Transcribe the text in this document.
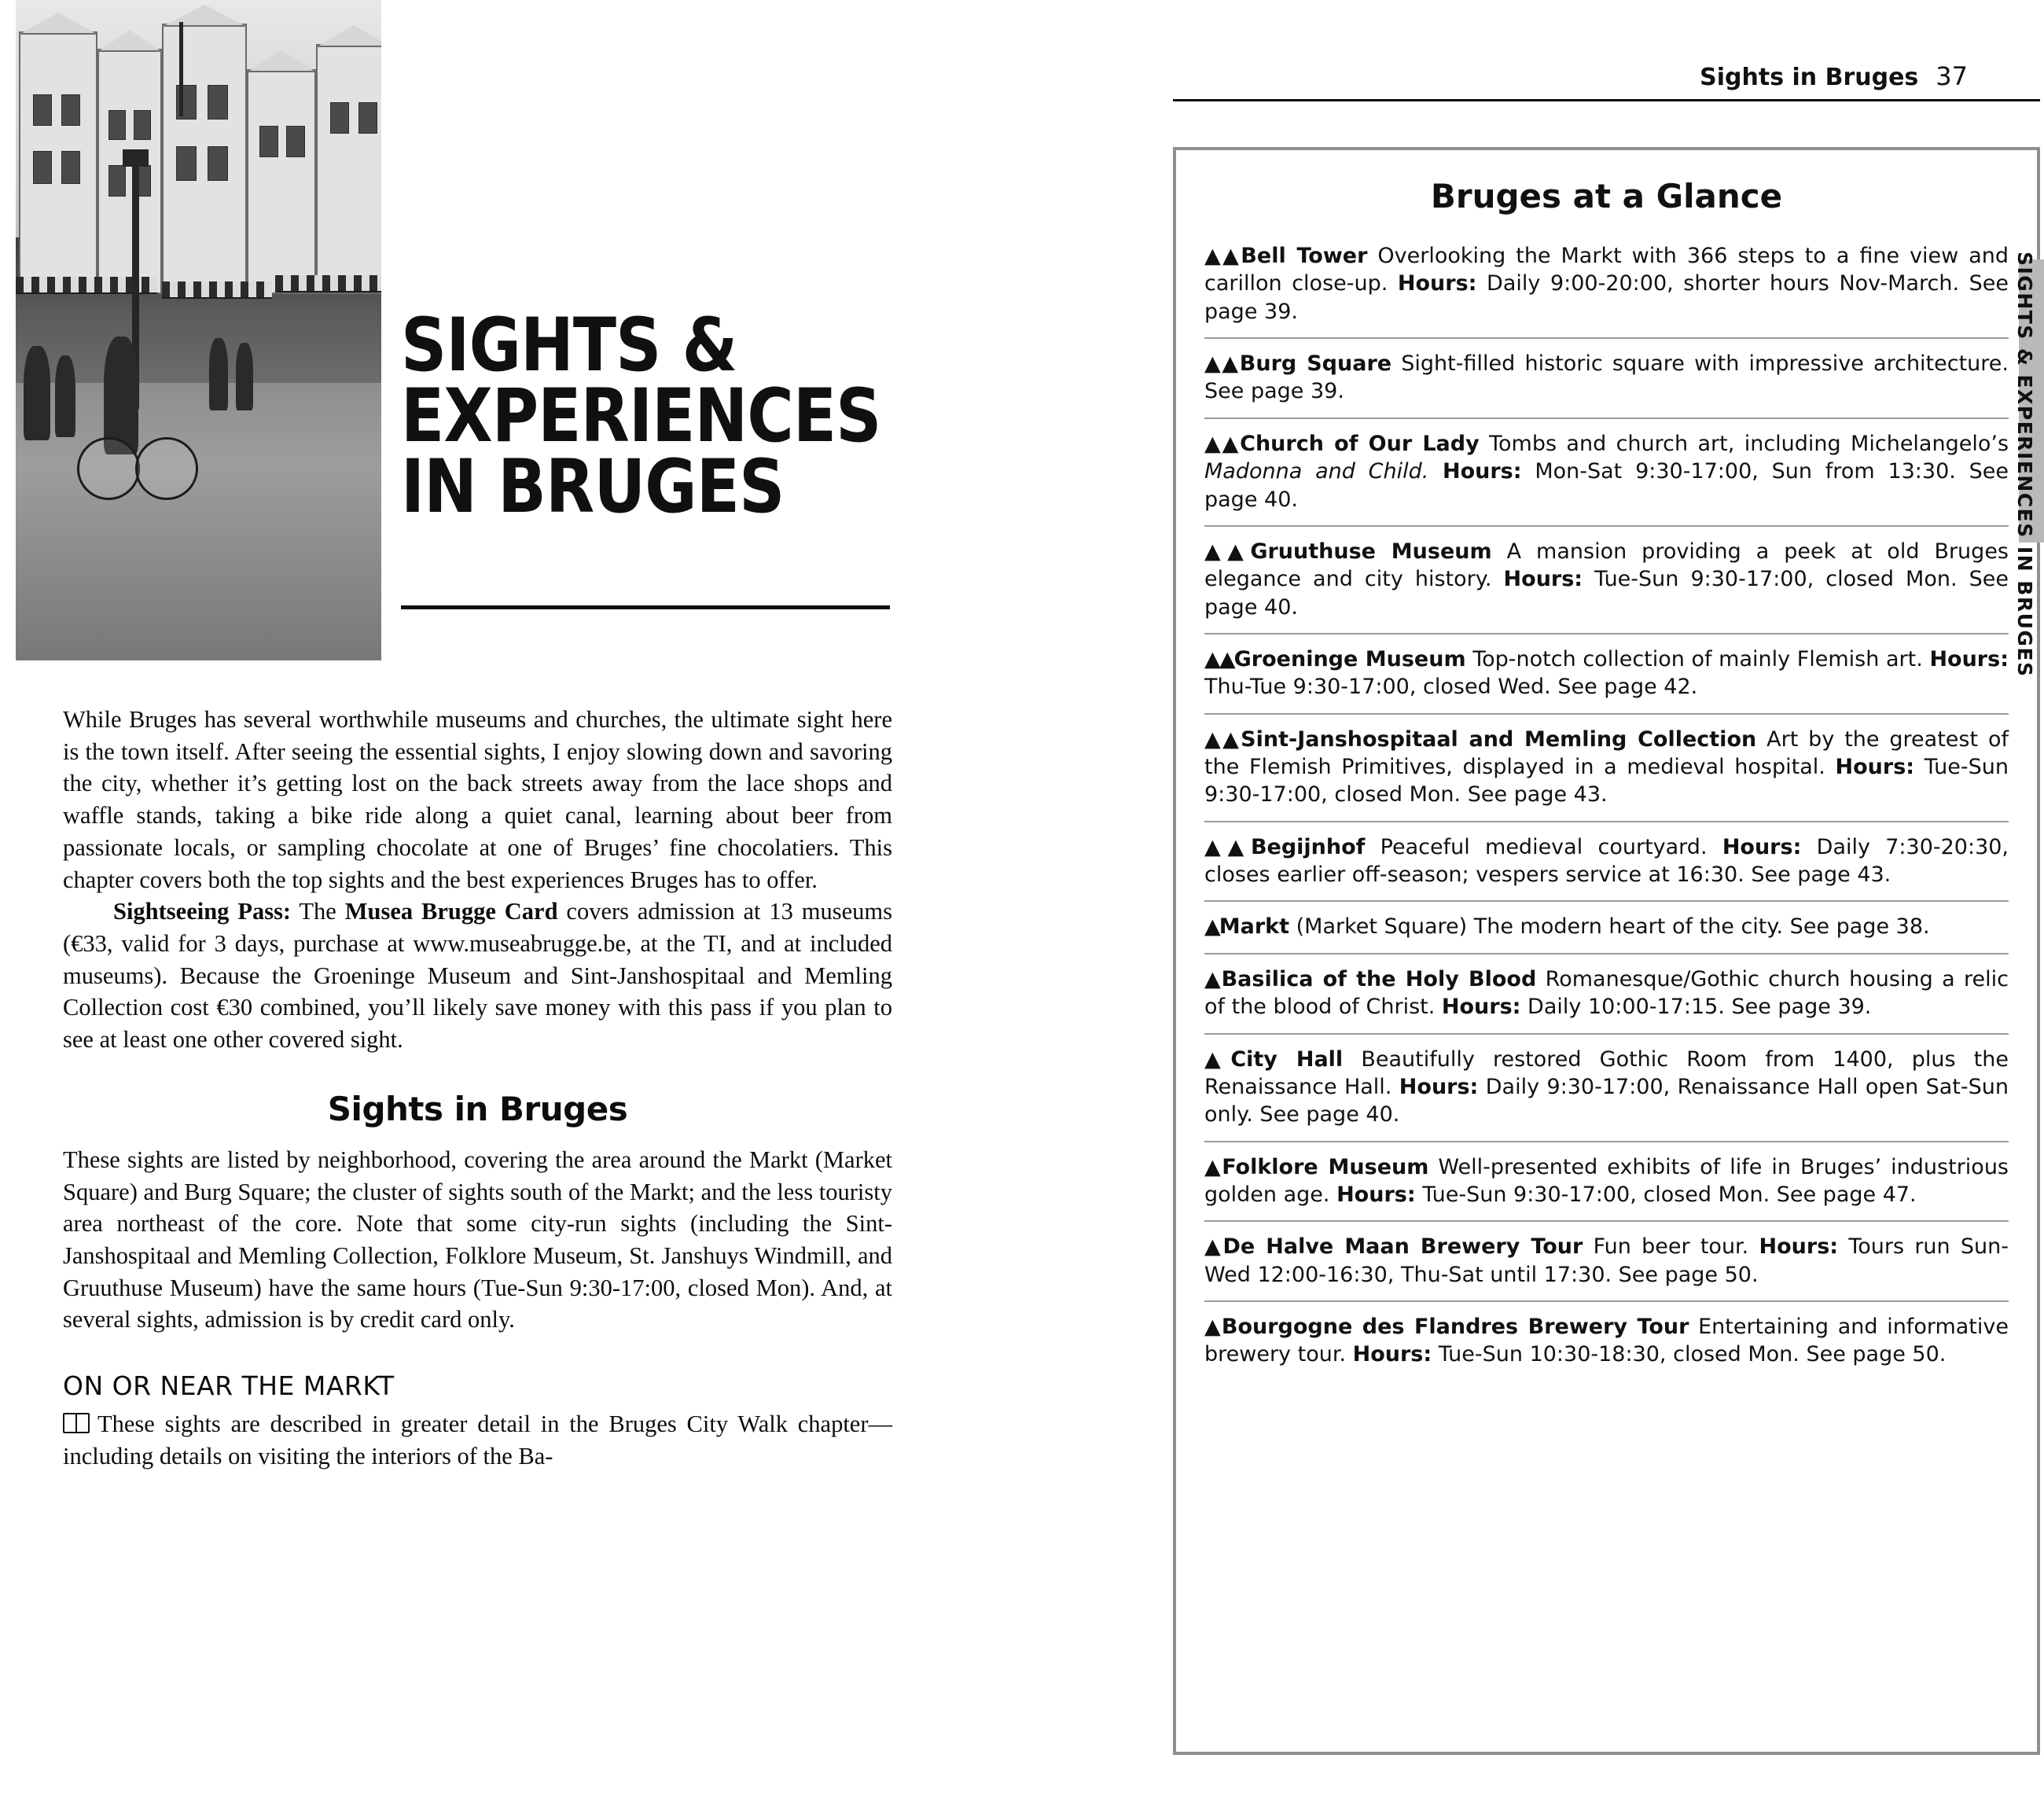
SIGHTS &
EXPERIENCES
IN BRUGES

While Bruges has several worthwhile museums and churches, the ultimate sight here is the town itself. After seeing the essential sights, I enjoy slowing down and savoring the city, whether it’s getting lost on the back streets away from the lace shops and waffle stands, taking a bike ride along a quiet canal, learning about beer from passionate locals, or sampling chocolate at one of Bruges’ fine chocolatiers. This chapter covers both the top sights and the best experiences Bruges has to offer.

Sightseeing Pass: The Musea Brugge Card covers admission at 13 museums (€33, valid for 3 days, purchase at www.museabrugge.be, at the TI, and at included museums). Because the Groeninge Museum and Sint-Janshospitaal and Memling Collection cost €30 combined, you’ll likely save money with this pass if you plan to see at least one other covered sight.

Sights in Bruges

These sights are listed by neighborhood, covering the area around the Markt (Market Square) and Burg Square; the cluster of sights south of the Markt; and the less touristy area northeast of the core. Note that some city-run sights (including the Sint-Janshospitaal and Memling Collection, Folklore Museum, St. Janshuys Windmill, and Gruuthuse Museum) have the same hours (Tue-Sun 9:30-17:00, closed Mon). And, at several sights, admission is by credit card only.

ON OR NEAR THE MARKT

These sights are described in greater detail in the Bruges City Walk chapter—including details on visiting the interiors of the Ba-

Sights in Bruges 37
Bruges at a Glance
▲▲Bell Tower Overlooking the Markt with 366 steps to a fine view and carillon close-up. Hours: Daily 9:00-20:00, shorter hours Nov-March. See page 39.
▲▲Burg Square Sight-filled historic square with impressive architecture. See page 39.
▲▲Church of Our Lady Tombs and church art, including Michelangelo’s Madonna and Child. Hours: Mon-Sat 9:30-17:00, Sun from 13:30. See page 40.
▲▲Gruuthuse Museum A mansion providing a peek at old Bruges elegance and city history. Hours: Tue-Sun 9:30-17:00, closed Mon. See page 40.
▲▲Groeninge Museum Top-notch collection of mainly Flemish art. Hours: Thu-Tue 9:30-17:00, closed Wed. See page 42.
▲▲Sint-Janshospitaal and Memling Collection Art by the greatest of the Flemish Primitives, displayed in a medieval hospital. Hours: Tue-Sun 9:30-17:00, closed Mon. See page 43.
▲▲Begijnhof Peaceful medieval courtyard. Hours: Daily 7:30-20:30, closes earlier off-season; vespers service at 16:30. See page 43.
▲Markt (Market Square) The modern heart of the city. See page 38.
▲Basilica of the Holy Blood Romanesque/Gothic church housing a relic of the blood of Christ. Hours: Daily 10:00-17:15. See page 39.
▲City Hall Beautifully restored Gothic Room from 1400, plus the Renaissance Hall. Hours: Daily 9:30-17:00, Renaissance Hall open Sat-Sun only. See page 40.
▲Folklore Museum Well-presented exhibits of life in Bruges’ industrious golden age. Hours: Tue-Sun 9:30-17:00, closed Mon. See page 47.
▲De Halve Maan Brewery Tour Fun beer tour. Hours: Tours run Sun-Wed 12:00-16:30, Thu-Sat until 17:30. See page 50.
▲Bourgogne des Flandres Brewery Tour Entertaining and informative brewery tour. Hours: Tue-Sun 10:30-18:30, closed Mon. See page 50.
SIGHTS & EXPERIENCES IN BRUGES
